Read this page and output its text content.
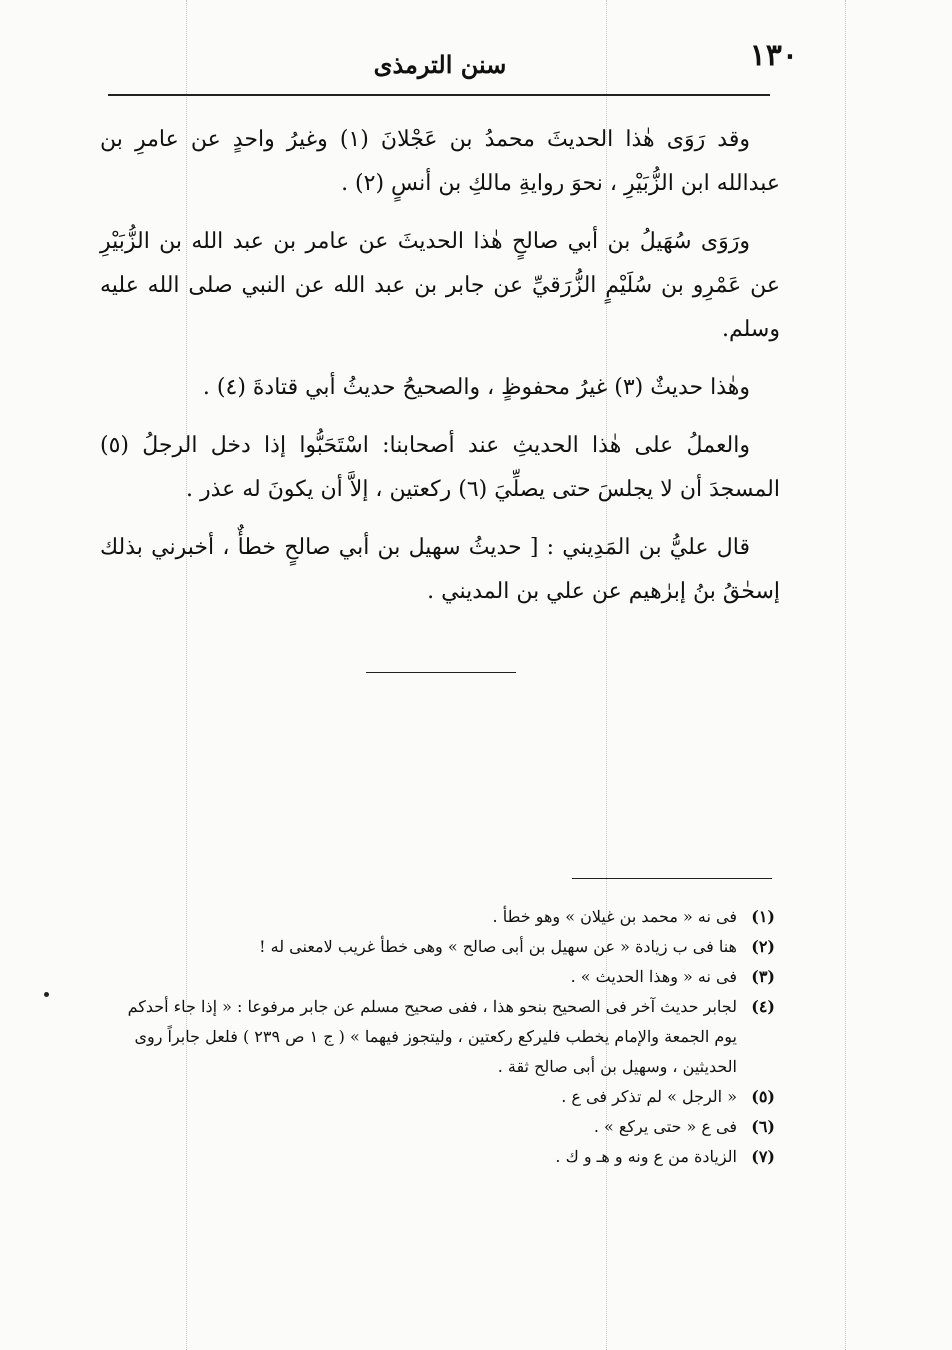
١٣٠
سنن الترمذى

وقد رَوَى هٰذا الحديثَ محمدُ بن عَجْلانَ (١) وغيرُ واحدٍ عن عامرِ بن عبدالله ابن الزُّبَيْرِ ، نحوَ روايةِ مالكِ بن أنسٍ (٢) .

ورَوَى سُهَيلُ بن أبي صالحٍ هٰذا الحديثَ عن عامر بن عبد الله بن الزُّبَيْرِ عن عَمْرِو بن سُلَيْمٍ الزُّرَقيِّ عن جابر بن عبد الله عن النبي صلى الله عليه وسلم.

وهٰذا حديثٌ (٣) غيرُ محفوظٍ ، والصحيحُ حديثُ أبي قتادةَ (٤) .

والعملُ على هٰذا الحديثِ عند أصحابنا: اسْتَحَبُّوا إذا دخل الرجلُ (٥) المسجدَ أن لا يجلسَ حتى يصلِّيَ (٦) ركعتين ، إلاَّ أن يكونَ له عذر .

قال عليُّ بن المَدِيني : [ حديثُ سهيل بن أبي صالحٍ خطأٌ ، أخبرني بذلك إسحٰقُ بنُ إبرٰهيم عن علي بن المديني .

(١)
فى نه « محمد بن غيلان » وهو خطأ .
(٢)
هنا فى ب زيادة « عن سهيل بن أبى صالح » وهى خطأ غريب لامعنى له !
(٣)
فى نه « وهذا الحديث » .
(٤)
لجابر حديث آخر فى الصحيح بنحو هذا ، ففى صحيح مسلم عن جابر مرفوعا : « إذا جاء أحدكم يوم الجمعة والإمام يخطب فليركع ركعتين ، وليتجوز فيهما » ( ج ١ ص ٢٣٩ ) فلعل جابراً روى الحديثين ، وسهيل بن أبى صالح ثقة .
(٥)
« الرجل » لم تذكر فى ع .
(٦)
فى ع « حتى يركع » .
(٧)
الزيادة من ع ونه و هـ و ك .
